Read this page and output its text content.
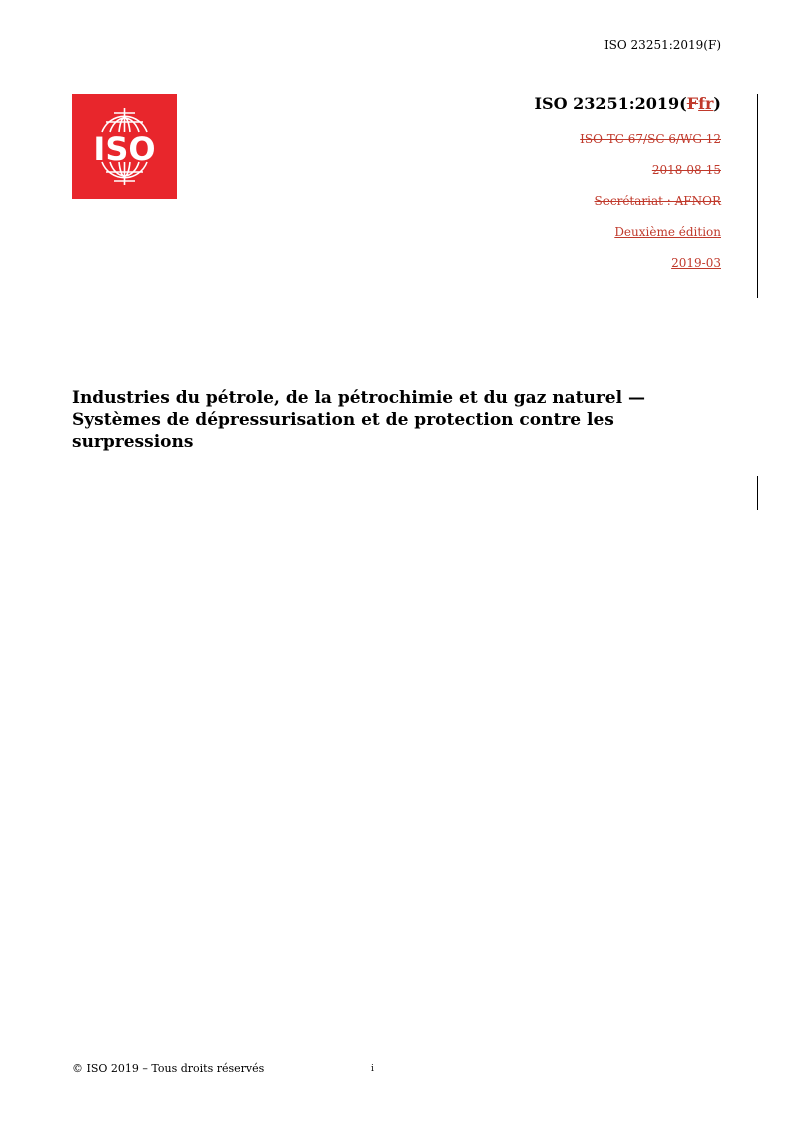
ISO 23251:2019(F)
ISO
ISO 23251:2019(Ffr)
ISO TC 67/SC 6/WG 12
2018-08-15
Secrétariat : AFNOR
Deuxième édition
2019-03
Industries du pétrole, de la pétrochimie et du gaz naturel —
Systèmes de dépressurisation et de protection contre les
surpressions
© ISO 2019 – Tous droits réservés	i
